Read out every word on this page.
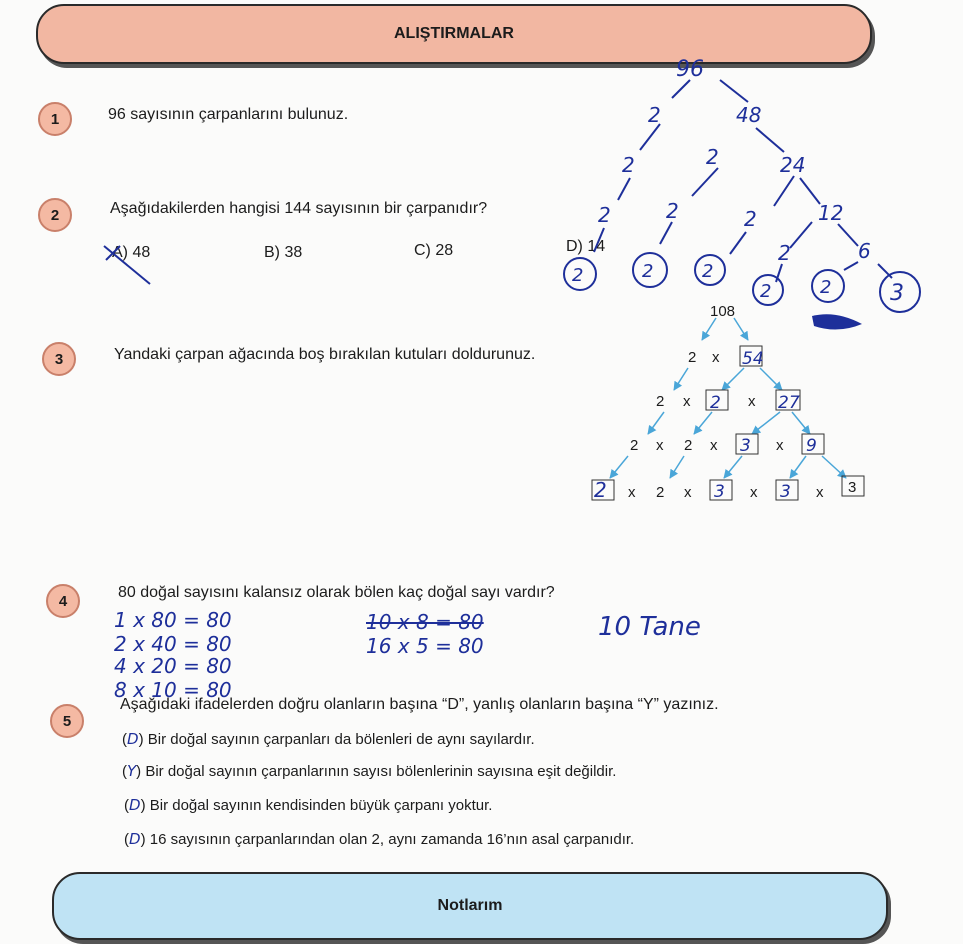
ALIŞTIRMALAR
Notlarım
1
2
3
4
5
96 sayısının çarpanlarını bulunuz.
Aşağıdakilerden hangisi 144 sayısının bir çarpanıdır?
Yandaki çarpan ağacında boş bırakılan kutuları doldurunuz.
80 doğal sayısını kalansız olarak bölen kaç doğal sayı vardır?
Aşağıdaki ifadelerden doğru olanların başına “D”, yanlış olanların başına “Y” yazınız.
A) 48	B) 38	C) 28	D) 14
1 x 80 = 80
2 x 40 = 80
4 x 20 = 80
8 x 10 = 80
10 x 8 = 80
16 x 5 = 80
10 Tane
(D) Bir doğal sayının çarpanları da bölenleri de aynı sayılardır.
(Y) Bir doğal sayının çarpanlarının sayısı bölenlerinin sayısına eşit değildir.
(D) Bir doğal sayının kendisinden büyük çarpanı yoktur.
(D) 16 sayısının çarpanlarından olan 2, aynı zamanda 16’nın asal çarpanıdır.
96
2	48
2	2	24
2	2	2	12
2	6
2	2	2
2	2	3
108
2 x 54
2 x 2 x 27
2 x 2 x 3 x 9
2 x 2 x 3 x 3 x 3
